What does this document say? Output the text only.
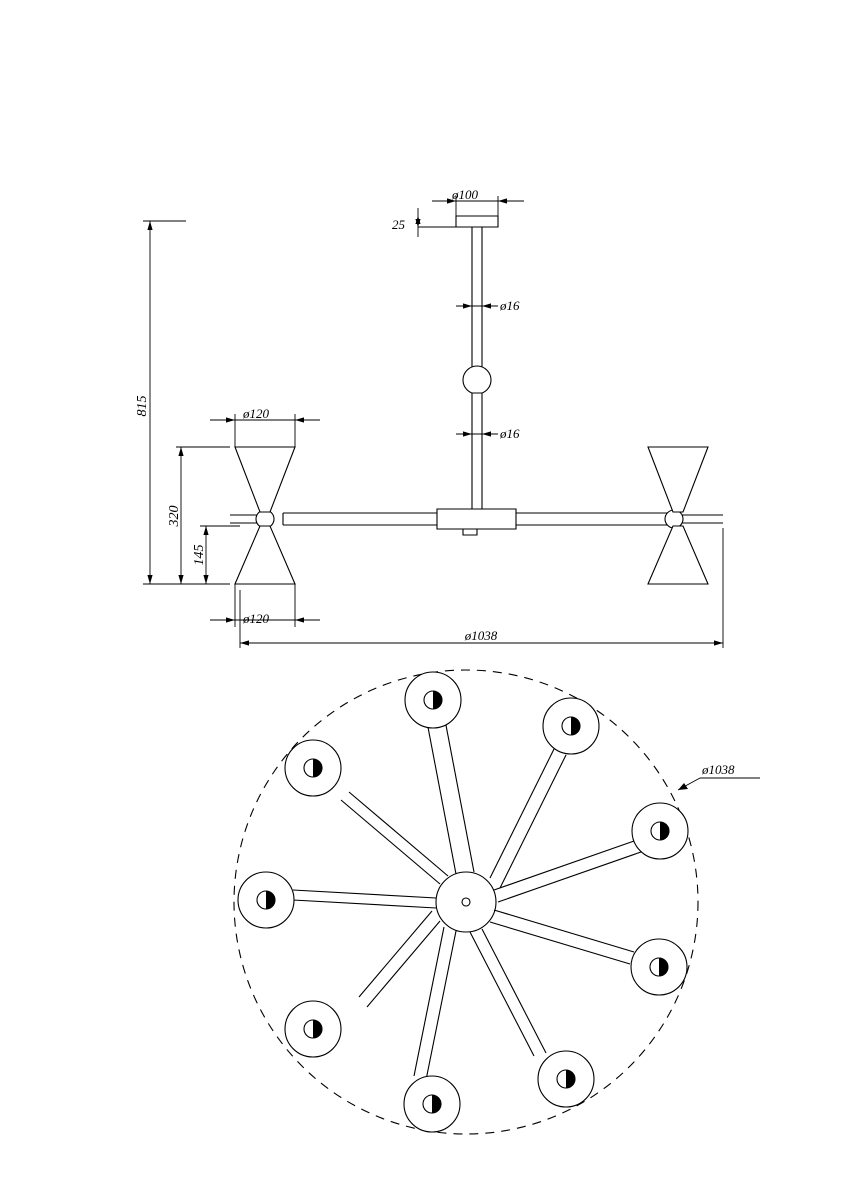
ø100
25
ø16
ø16
ø120
ø120
815
320
145
ø1038
ø1038
